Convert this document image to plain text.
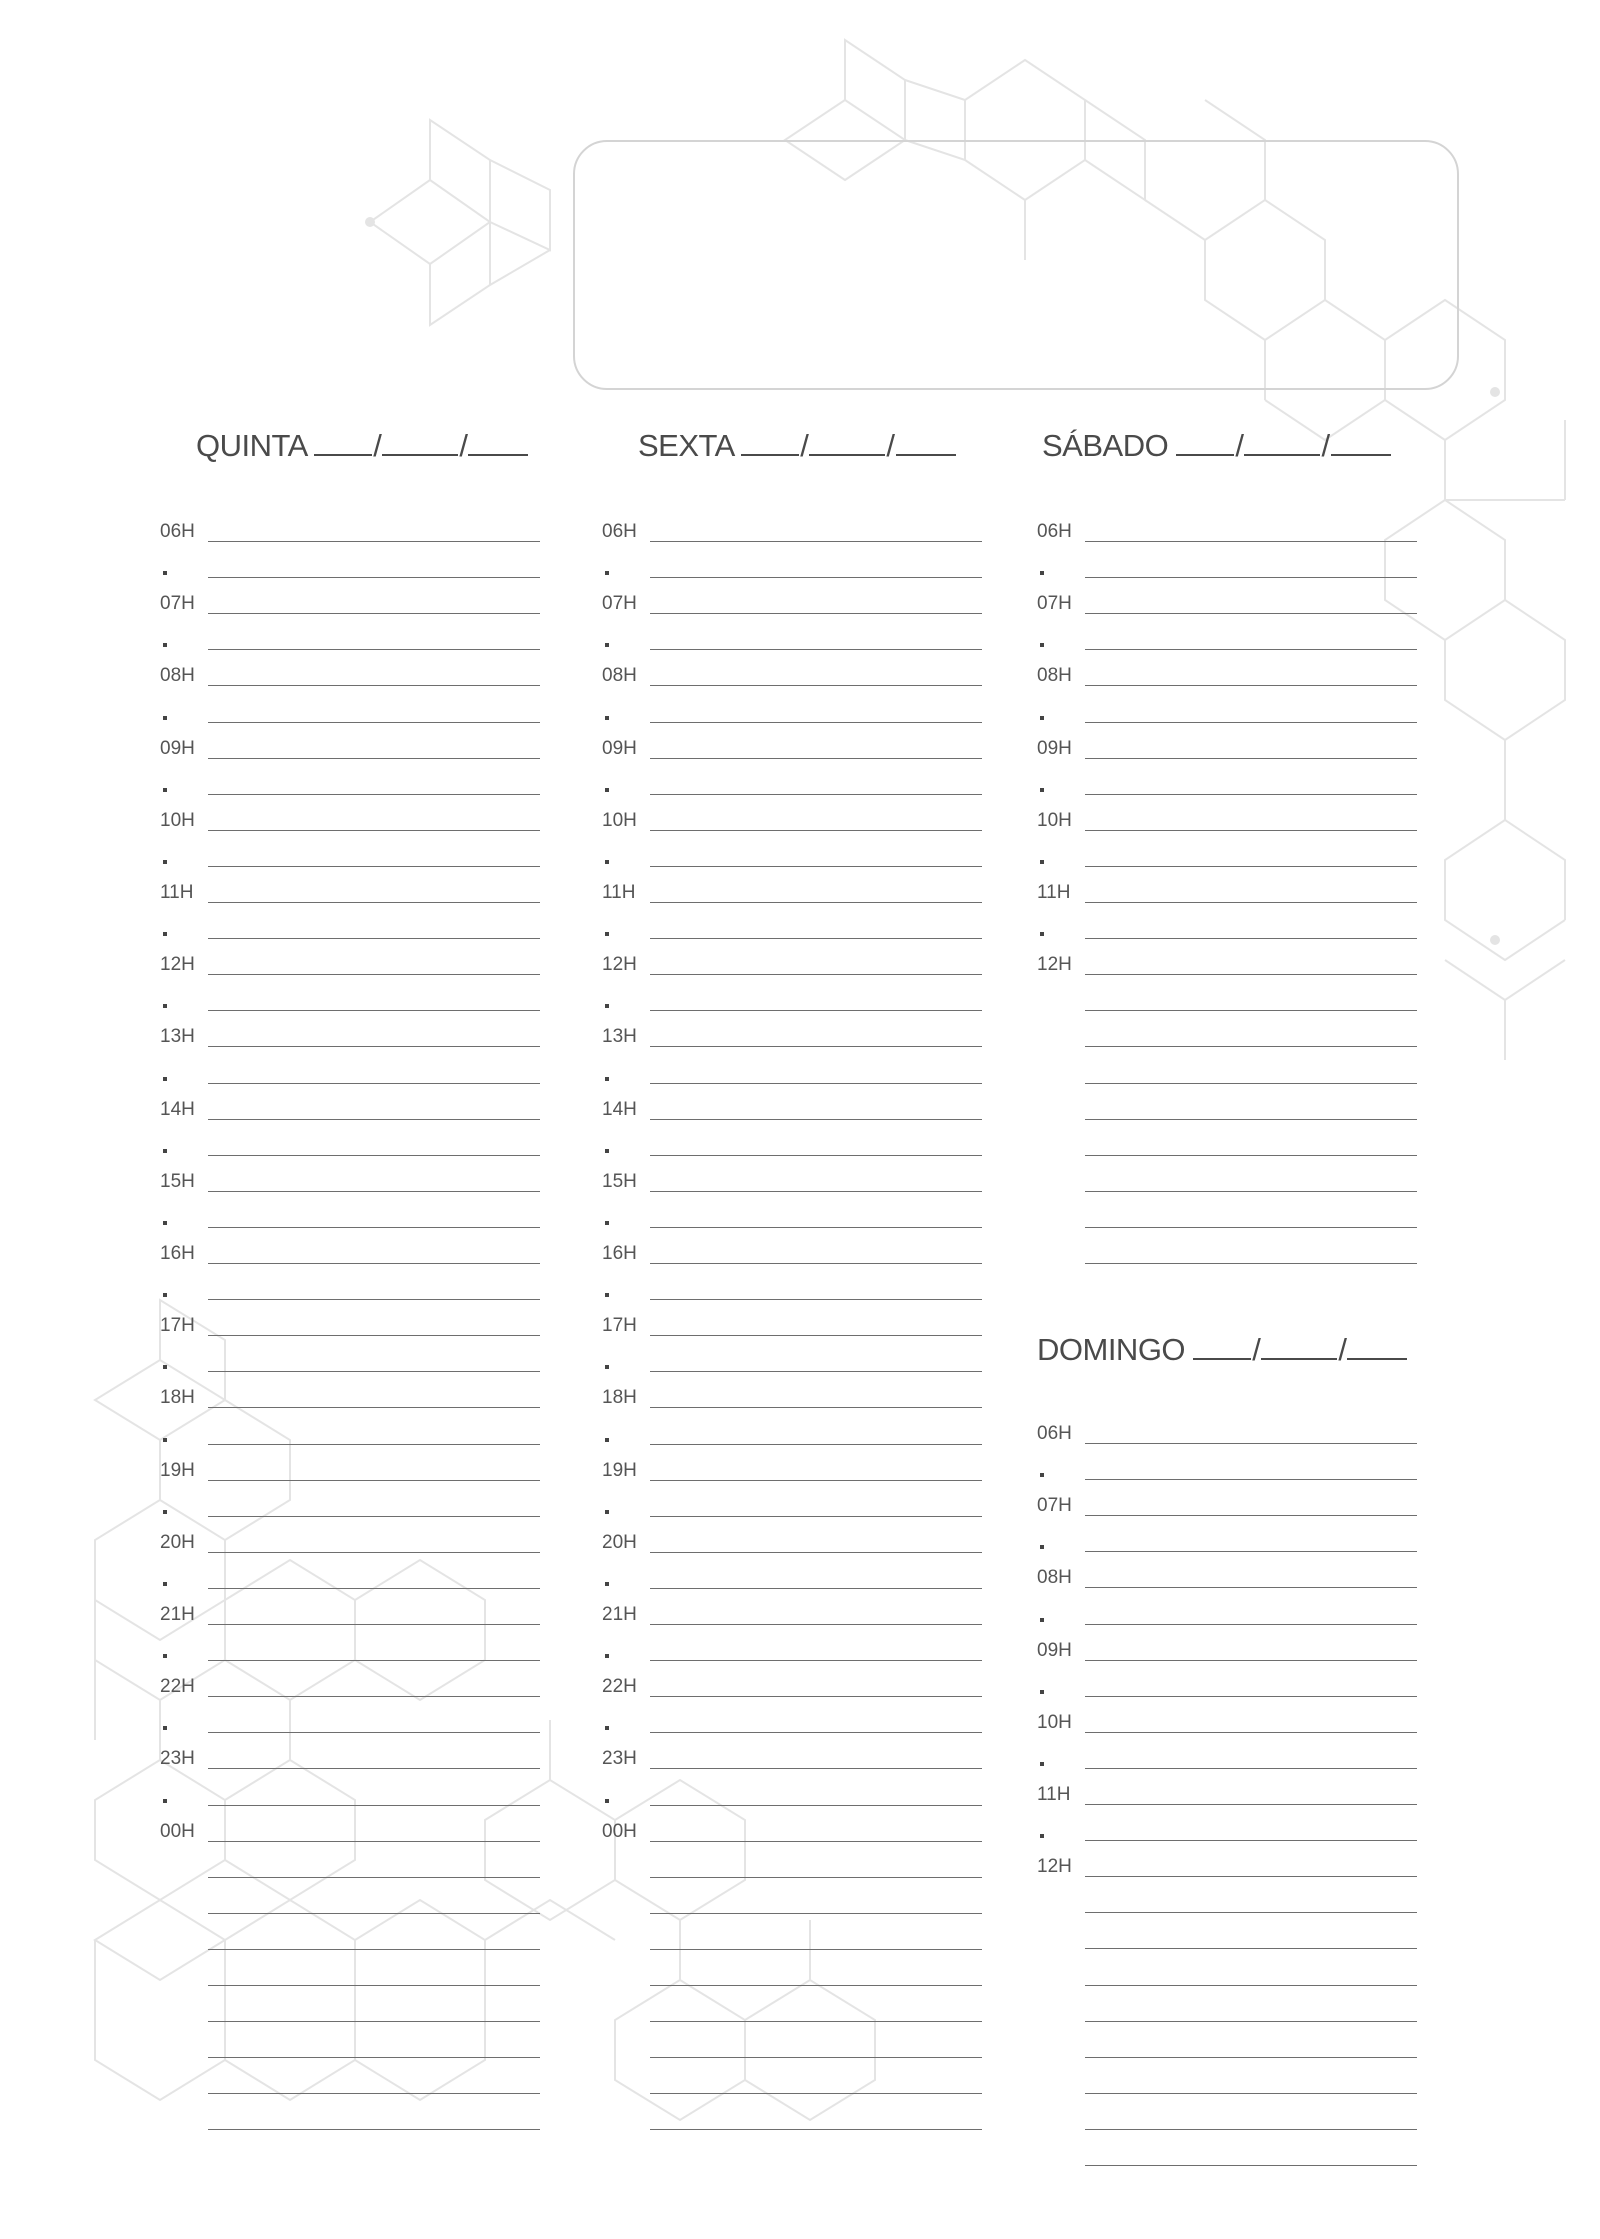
QUINTA /	/
06H
07H
08H
09H
10H
11H
12H
13H
14H
15H
16H
17H
18H
19H
20H
21H
22H
23H
00H
SEXTA /	/
06H
07H
08H
09H
10H
11H
12H
13H
14H
15H
16H
17H
18H
19H
20H
21H
22H
23H
00H
SÁBADO /	/
06H
07H
08H
09H
10H
11H
12H
DOMINGO /	/
06H
07H
08H
09H
10H
11H
12H
